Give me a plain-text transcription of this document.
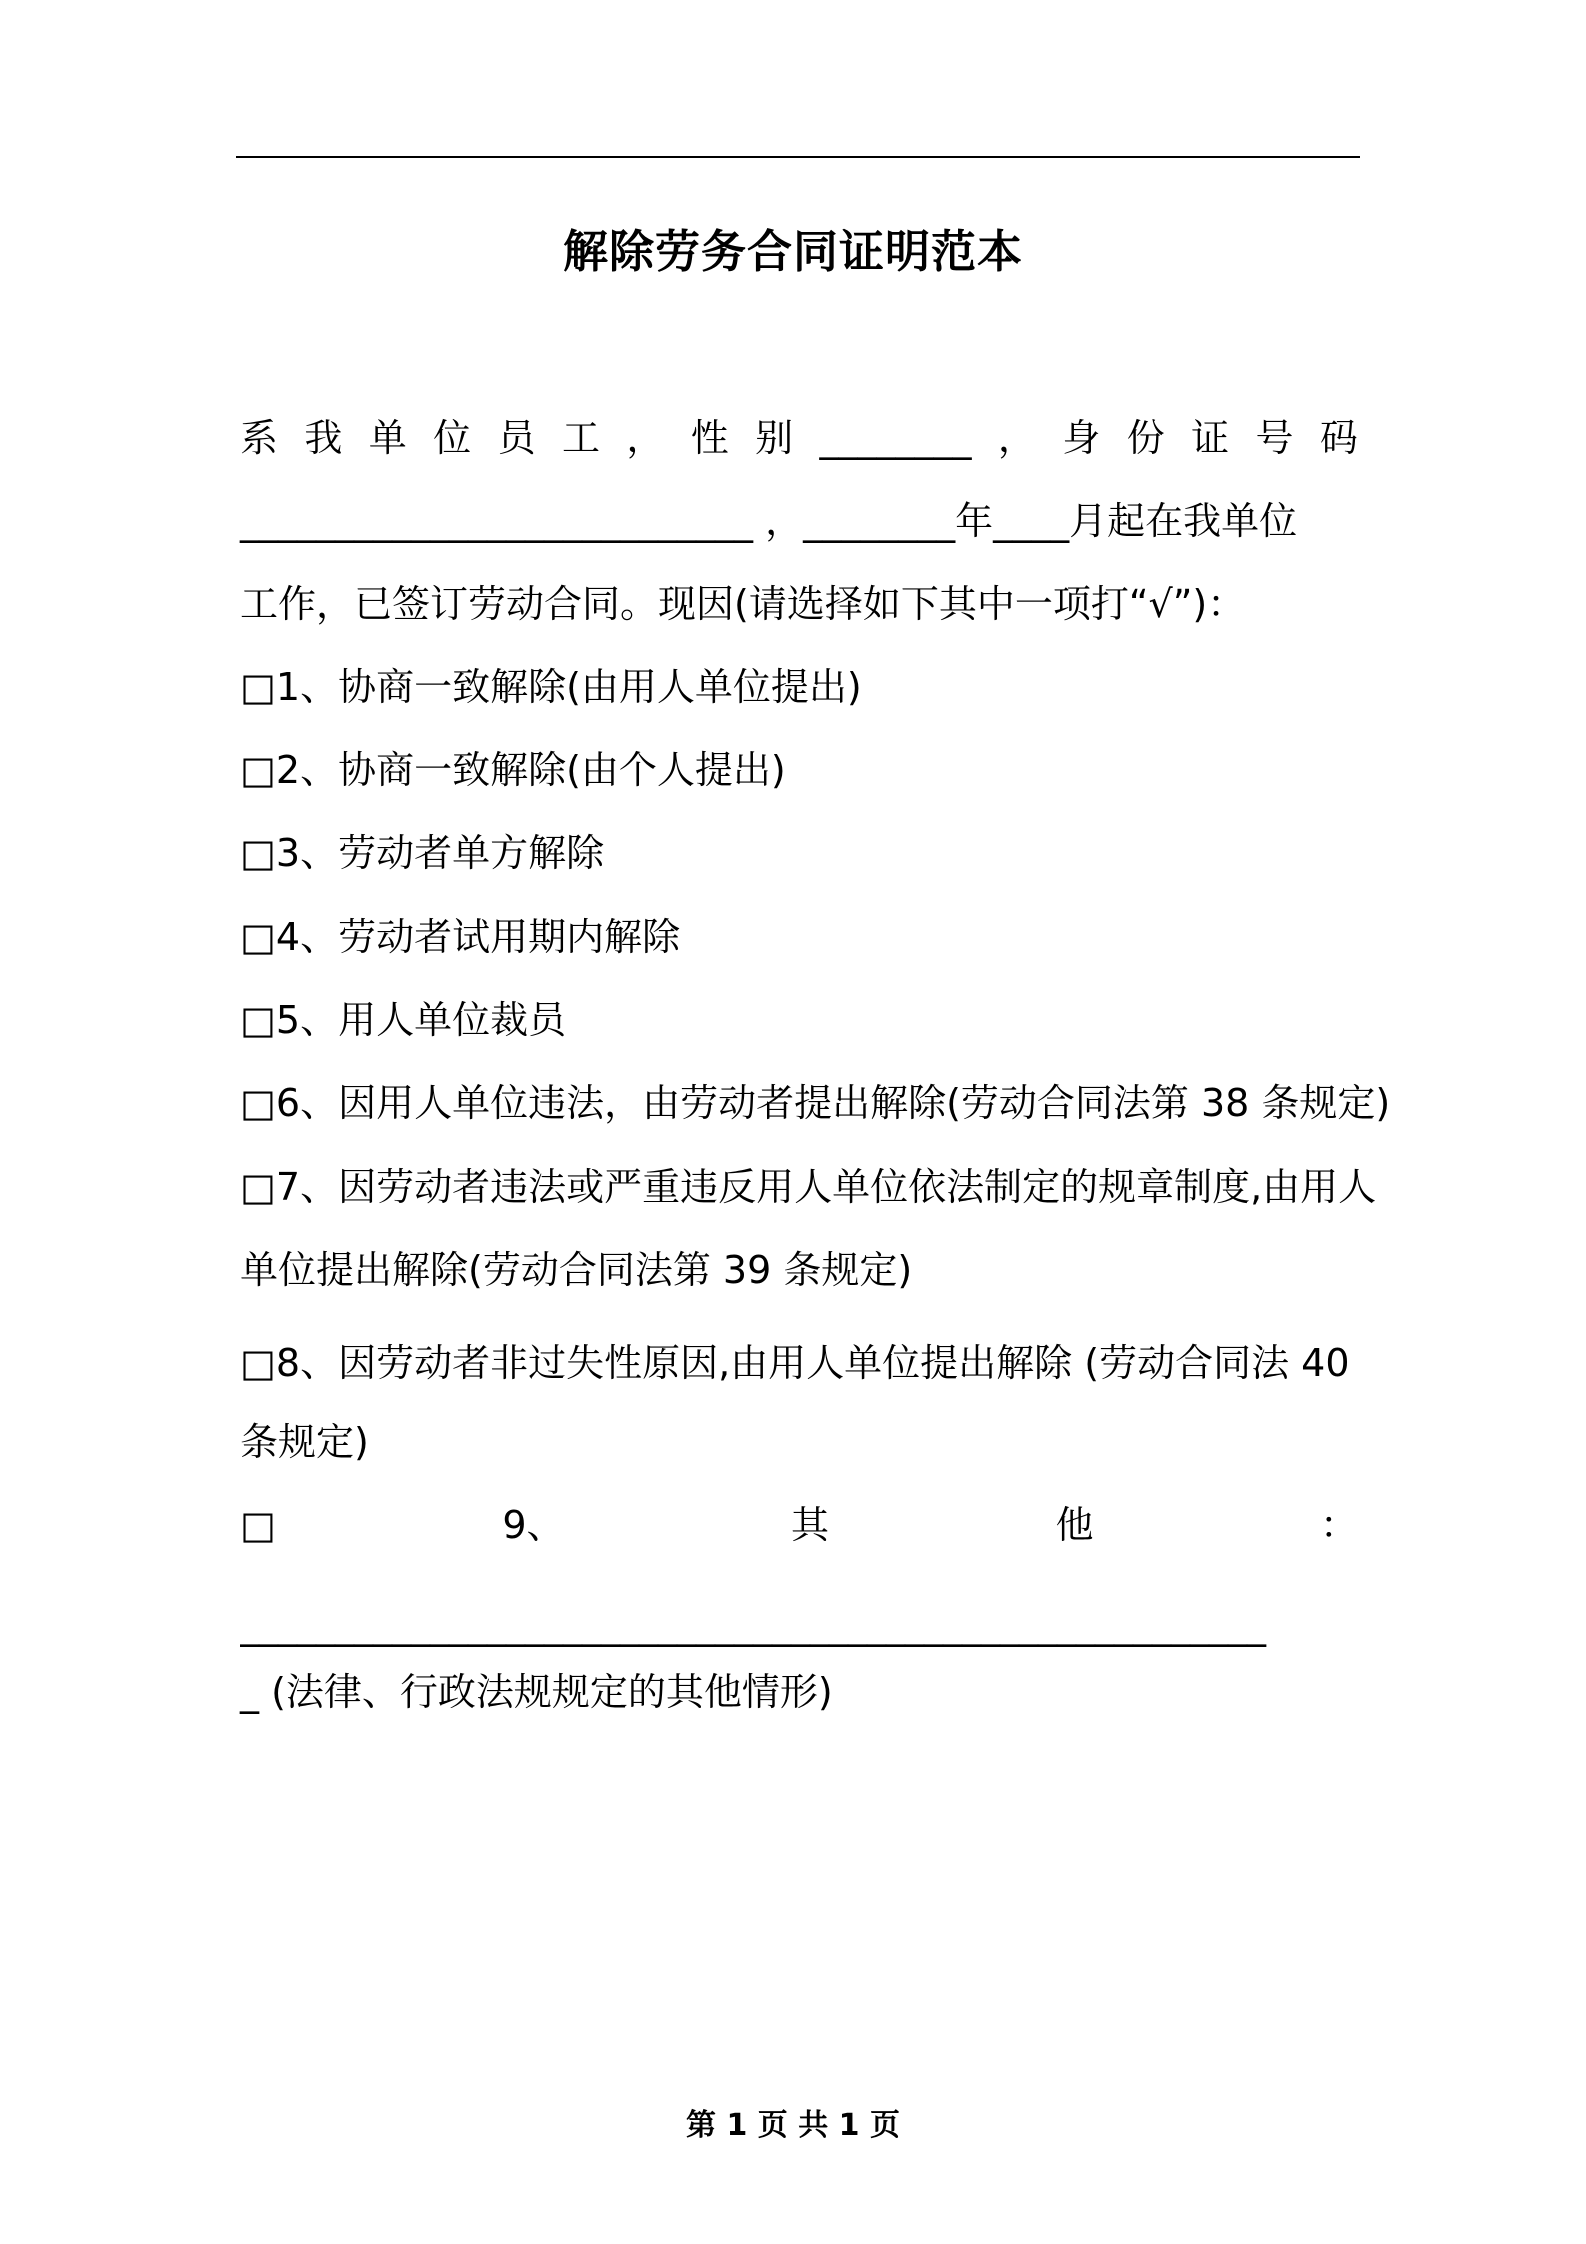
解除劳务合同证明范本
系 我 单 位 员 工 ， 性 别 ________ ， 身 份 证 号 码
___________________________ ，________年____月起在我单位
工作，已签订劳动合同。现因(请选择如下其中一项打“√”)：
□1、协商一致解除(由用人单位提出)
□2、协商一致解除(由个人提出)
□3、劳动者单方解除
□4、劳动者试用期内解除
□5、用人单位裁员
□6、因用人单位违法，由劳动者提出解除(劳动合同法第 38 条规定)
□7、因劳动者违法或严重违反用人单位依法制定的规章制度,由用人
单位提出解除(劳动合同法第 39 条规定)
□8、因劳动者非过失性原因,由用人单位提出解除 (劳动合同法 40
条规定)
□	9、	其	他	：
______________________________________________________
_ (法律、行政法规规定的其他情形)
第 1 页 共 1 页
